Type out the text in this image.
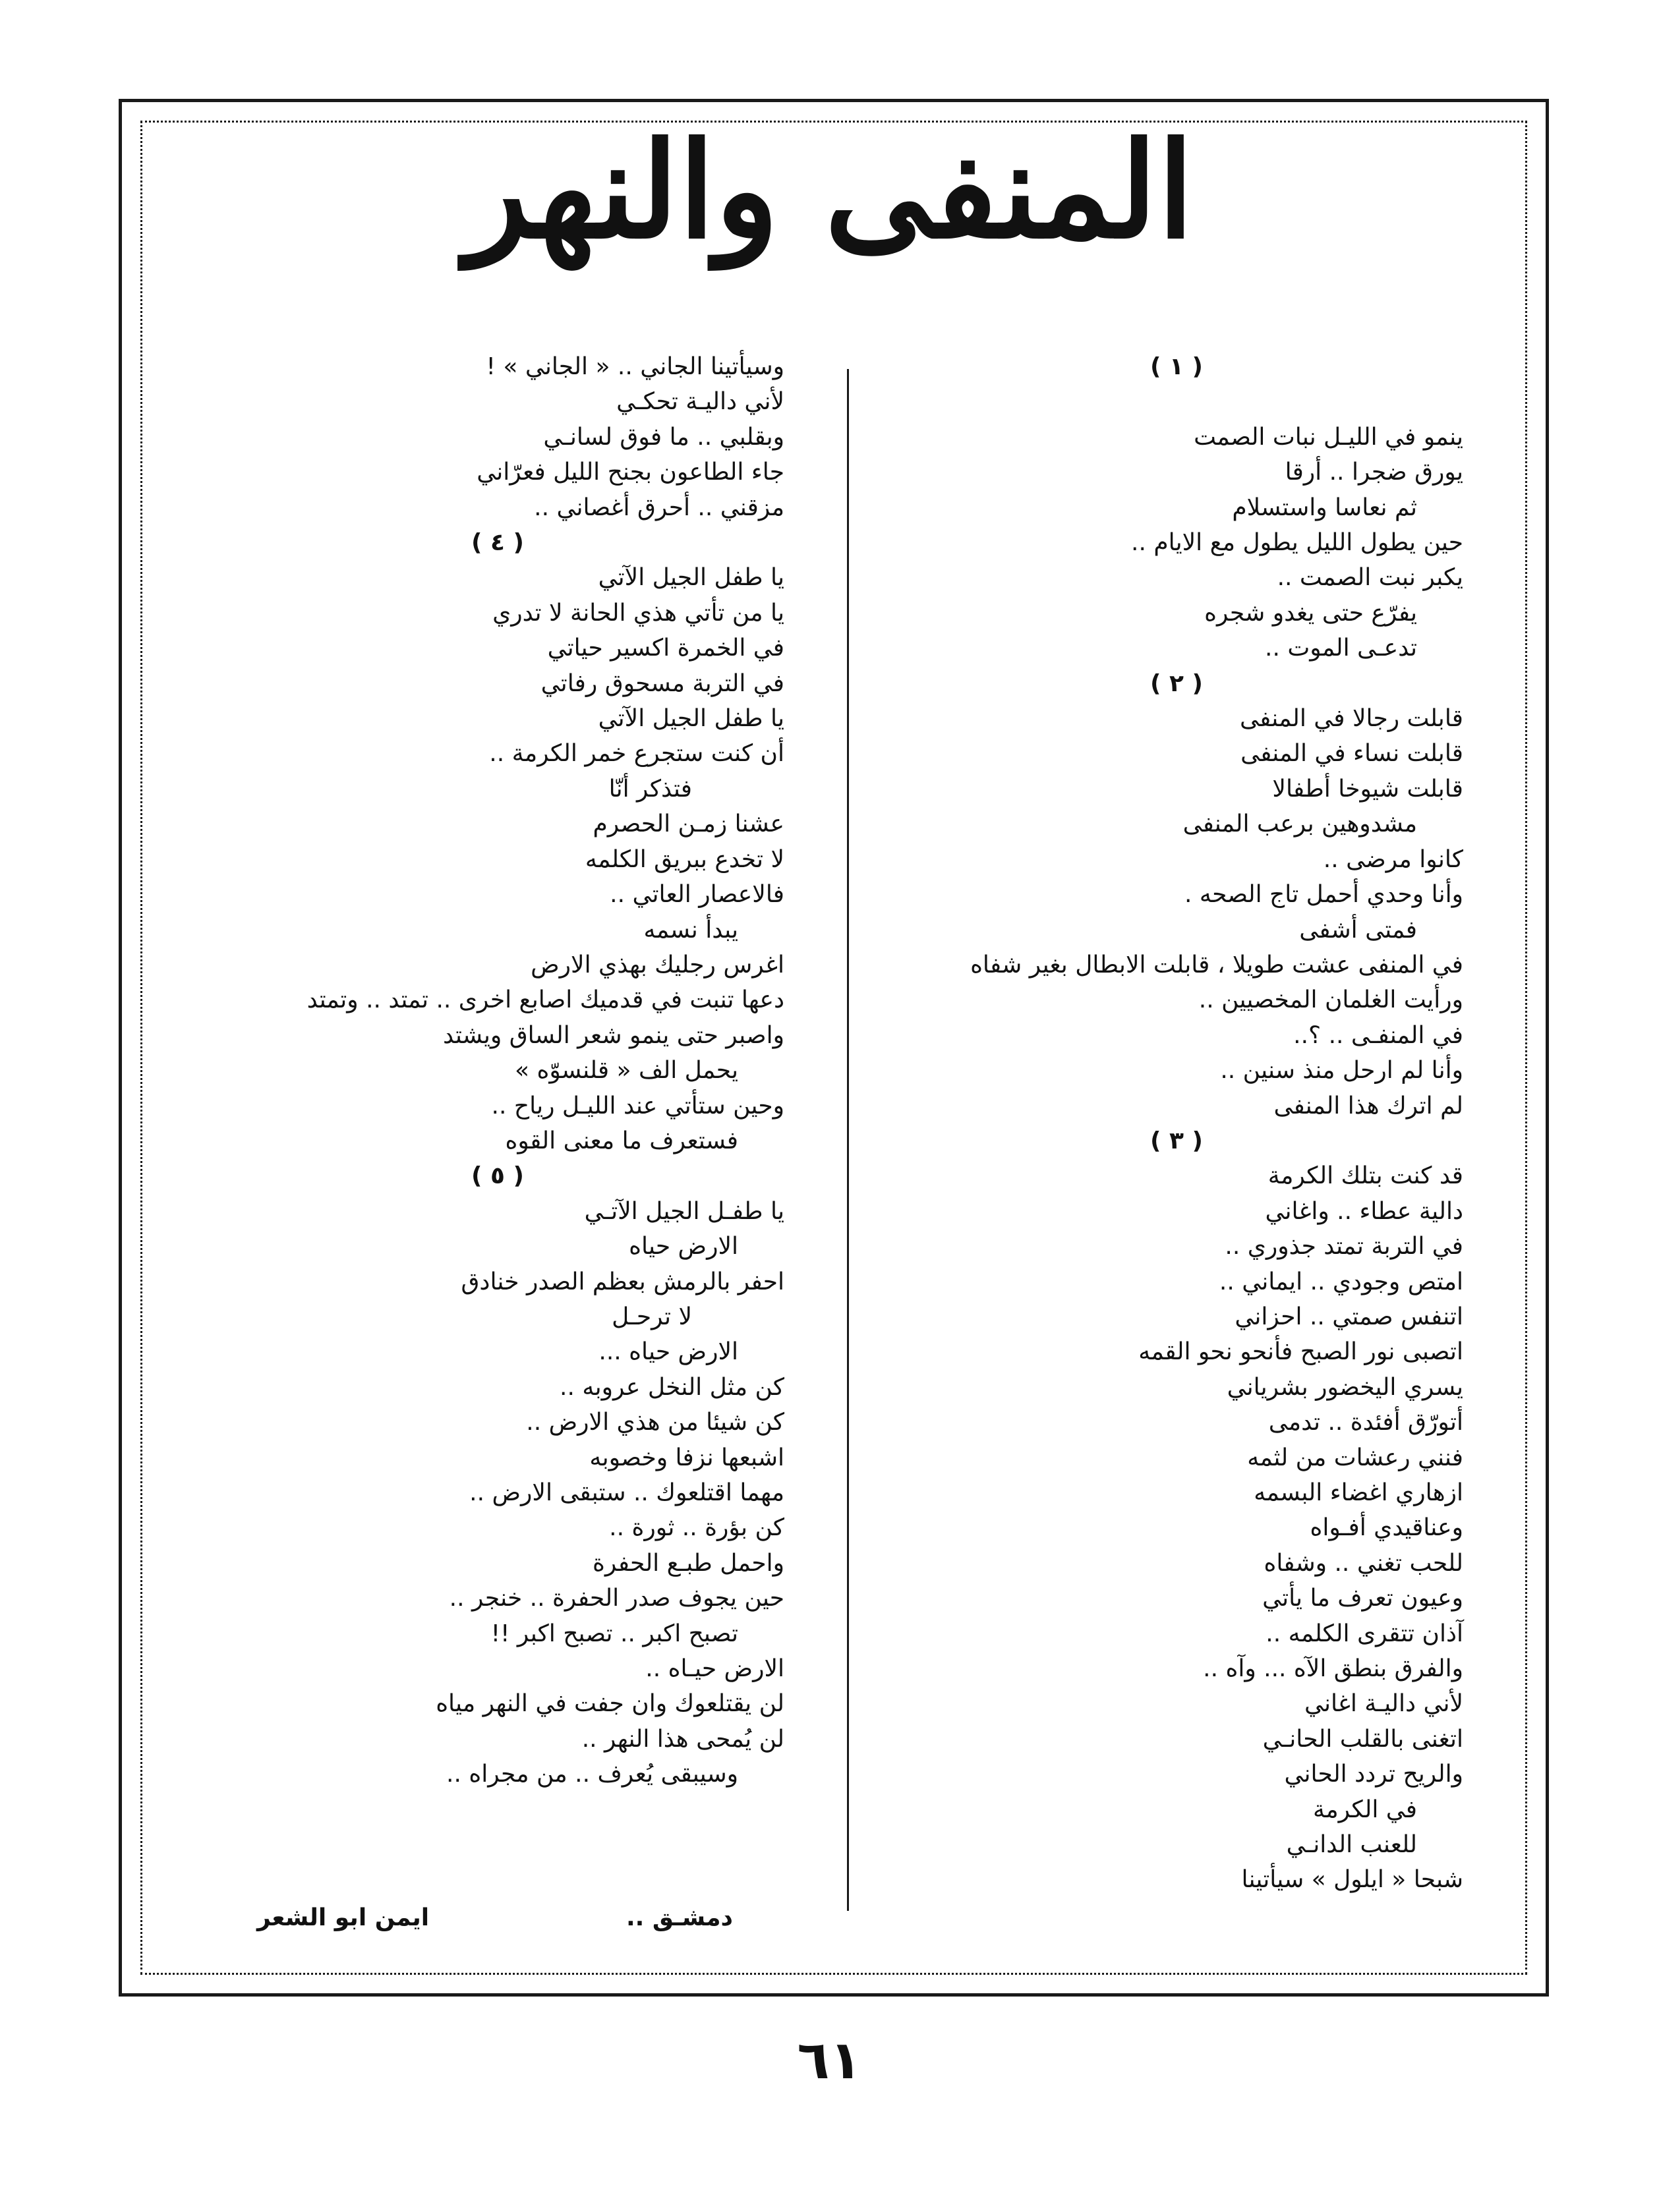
المنفى والنهر
( ١ )

ينمو في الليـل نبات الصمت
يورق ضجرا .. أرقا
ثم نعاسا واستسلام
حين يطول الليل يطول مع الايام ..
يكبر نبت الصمت ..
يفرّع حتى يغدو شجره
تدعـى الموت ..
( ٢ )
قابلت رجالا في المنفى
قابلت نساء في المنفى
قابلت شيوخا أطفالا
مشدوهين برعب المنفى
كانوا مرضى ..
وأنا وحدي أحمل تاج الصحه .
فمتى أشفى
في المنفى عشت طويلا ، قابلت الابطال بغير شفاه
ورأيت الغلمان المخصيين ..
في المنفـى .. ؟..
وأنا لم ارحل منذ سنين ..
لم اترك هذا المنفى
( ٣ )
قد كنت بتلك الكرمة
دالية عطاء .. واغاني
في التربة تمتد جذوري ..
امتص وجودي .. ايماني ..
اتنفس صمتي .. احزاني
اتصبى نور الصبح فأنحو نحو القمه
يسري اليخضور بشرياني
أتورّق أفئدة .. تدمى
فنني رعشات من لثمه
ازهاري اغضاء البسمه
وعناقيدي أفـواه
للحب تغني .. وشفاه
وعيون تعرف ما يأتي
آذان تتقرى الكلمه ..
والفرق بنطق الآه ... وآه ..
لأني داليـة اغاني
اتغنى بالقلب الحانـي
والريح تردد الحاني
في الكرمة
للعنب الدانـي
شبحا « ايلول » سيأتينا
وسيأتينا الجاني .. « الجاني » !
لأني داليـة تحكـي
وبقلبي .. ما فوق لسانـي
جاء الطاعون بجنح الليل فعرّاني
مزقني .. أحرق أغصاني ..
( ٤ )
يا طفل الجيل الآتي
يا من تأتي هذي الحانة لا تدري
في الخمرة اكسير حياتي
في التربة مسحوق رفاتي
يا طفل الجيل الآتي
أن كنت ستجرع خمر الكرمة ..
فتذكر أنّا
عشنا زمـن الحصرم
لا تخدع ببريق الكلمه
فالاعصار العاتي ..
يبدأ نسمه
اغرس رجليك بهذي الارض
دعها تنبت في قدميك اصابع اخرى .. تمتد .. وتمتد
واصبر حتى ينمو شعر الساق ويشتد
يحمل الف « قلنسوّه »
وحين ستأتي عند الليـل رياح ..
فستعرف ما معنى القوه
( ٥ )
يا طفـل الجيل الآتـي
الارض حياه
احفر بالرمش بعظم الصدر خنادق
لا ترحـل
الارض حياه ...
كن مثل النخل عروبه ..
كن شيئا من هذي الارض ..
اشبعها نزفا وخصوبه
مهما اقتلعوك .. ستبقى الارض ..
كن بؤرة .. ثورة ..
واحمل طبـع الحفرة
حين يجوف صدر الحفرة .. خنجر ..
تصبح اكبر .. تصبح اكبر !!
الارض حيـاه ..
لن يقتلعوك وان جفت في النهر مياه
لن يُمحى هذا النهر ..
وسيبقى يُعرف .. من مجراه ..
دمشـق ..
ايمن ابو الشعر
٦١
